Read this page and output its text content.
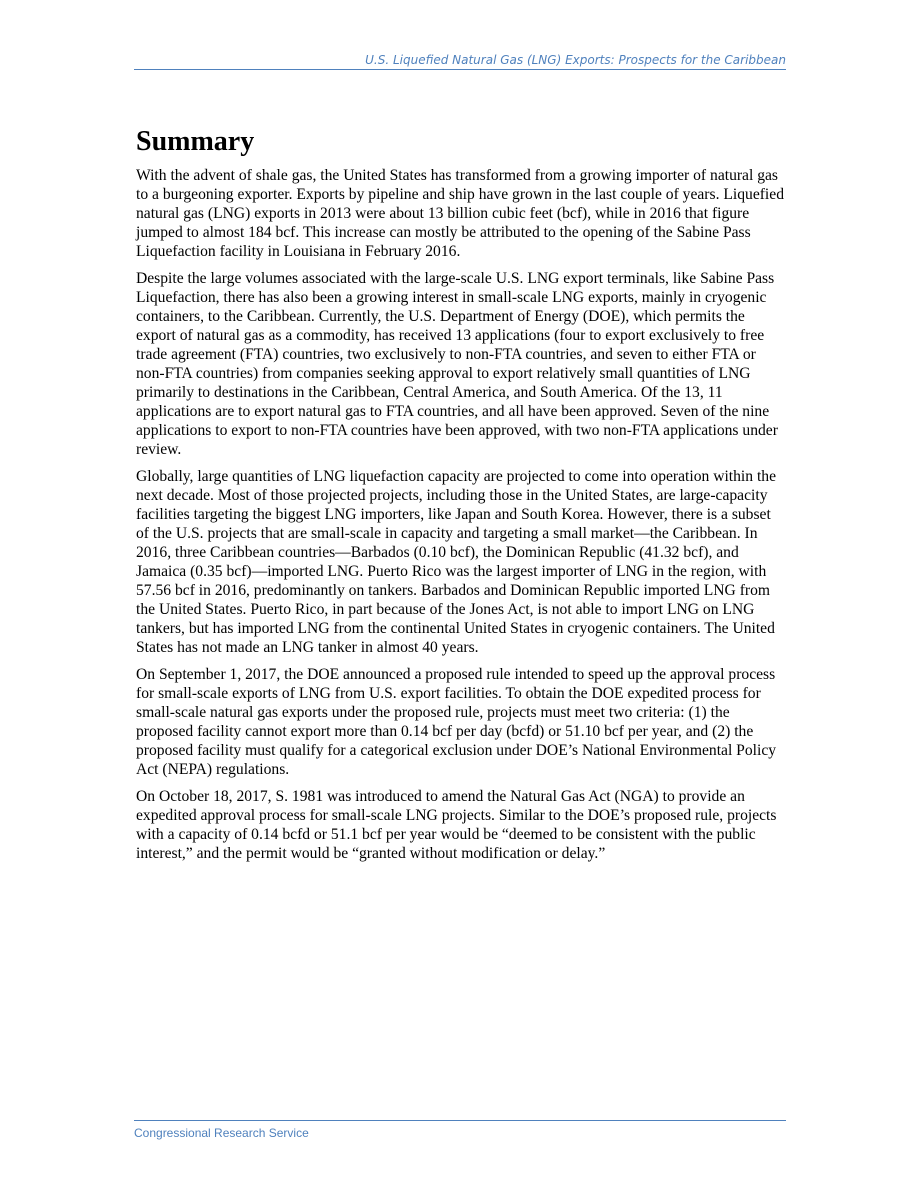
U.S. Liquefied Natural Gas (LNG) Exports: Prospects for the Caribbean
Summary

With the advent of shale gas, the United States has transformed from a growing importer of natural gas to a burgeoning exporter. Exports by pipeline and ship have grown in the last couple of years. Liquefied natural gas (LNG) exports in 2013 were about 13 billion cubic feet (bcf), while in 2016 that figure jumped to almost 184 bcf. This increase can mostly be attributed to the opening of the Sabine Pass Liquefaction facility in Louisiana in February 2016.

Despite the large volumes associated with the large-scale U.S. LNG export terminals, like Sabine Pass Liquefaction, there has also been a growing interest in small-scale LNG exports, mainly in cryogenic containers, to the Caribbean. Currently, the U.S. Department of Energy (DOE), which permits the export of natural gas as a commodity, has received 13 applications (four to export exclusively to free trade agreement (FTA) countries, two exclusively to non-FTA countries, and seven to either FTA or non-FTA countries) from companies seeking approval to export relatively small quantities of LNG primarily to destinations in the Caribbean, Central America, and South America. Of the 13, 11 applications are to export natural gas to FTA countries, and all have been approved. Seven of the nine applications to export to non-FTA countries have been approved, with two non-FTA applications under review.

Globally, large quantities of LNG liquefaction capacity are projected to come into operation within the next decade. Most of those projected projects, including those in the United States, are large-capacity facilities targeting the biggest LNG importers, like Japan and South Korea. However, there is a subset of the U.S. projects that are small-scale in capacity and targeting a small market—the Caribbean. In 2016, three Caribbean countries—Barbados (0.10 bcf), the Dominican Republic (41.32 bcf), and Jamaica (0.35 bcf)—imported LNG. Puerto Rico was the largest importer of LNG in the region, with 57.56 bcf in 2016, predominantly on tankers. Barbados and Dominican Republic imported LNG from the United States. Puerto Rico, in part because of the Jones Act, is not able to import LNG on LNG tankers, but has imported LNG from the continental United States in cryogenic containers. The United States has not made an LNG tanker in almost 40 years.

On September 1, 2017, the DOE announced a proposed rule intended to speed up the approval process for small-scale exports of LNG from U.S. export facilities. To obtain the DOE expedited process for small-scale natural gas exports under the proposed rule, projects must meet two criteria: (1) the proposed facility cannot export more than 0.14 bcf per day (bcfd) or 51.10 bcf per year, and (2) the proposed facility must qualify for a categorical exclusion under DOE’s National Environmental Policy Act (NEPA) regulations.

On October 18, 2017, S. 1981 was introduced to amend the Natural Gas Act (NGA) to provide an expedited approval process for small-scale LNG projects. Similar to the DOE’s proposed rule, projects with a capacity of 0.14 bcfd or 51.1 bcf per year would be “deemed to be consistent with the public interest,” and the permit would be “granted without modification or delay.”

Congressional Research Service
